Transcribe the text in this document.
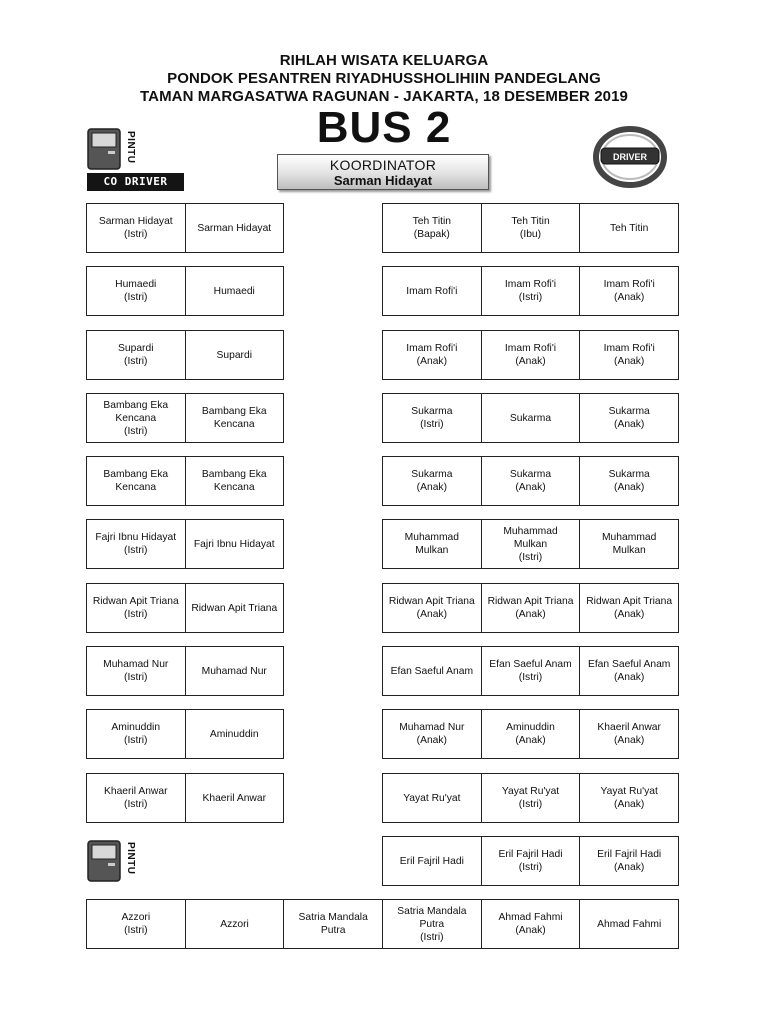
RIHLAH WISATA KELUARGA
PONDOK PESANTREN RIYADHUSSHOLIHIIN PANDEGLANG
TAMAN MARGASATWA RAGUNAN - JAKARTA, 18 DESEMBER 2019
BUS 2
KOORDINATOR
Sarman Hidayat
PINTU
CO DRIVER
DRIVER
PINTU
Sarman Hidayat
(Istri)
Sarman Hidayat
Humaedi
(Istri)
Humaedi
Supardi
(Istri)
Supardi
Bambang Eka
Kencana
(Istri)
Bambang Eka
Kencana
Bambang Eka
Kencana
Bambang Eka
Kencana
Fajri Ibnu Hidayat
(Istri)
Fajri Ibnu Hidayat
Ridwan Apit Triana
(Istri)
Ridwan Apit Triana
Muhamad Nur
(Istri)
Muhamad Nur
Aminuddin
(Istri)
Aminuddin
Khaeril Anwar
(Istri)
Khaeril Anwar
Teh Titin
(Bapak)
Teh Titin
(Ibu)
Teh Titin
Imam Rofi'i
Imam Rofi'i
(Istri)
Imam Rofi'i
(Anak)
Imam Rofi'i
(Anak)
Imam Rofi'i
(Anak)
Imam Rofi'i
(Anak)
Sukarma
(Istri)
Sukarma
Sukarma
(Anak)
Sukarma
(Anak)
Sukarma
(Anak)
Sukarma
(Anak)
Muhammad
Mulkan
Muhammad
Mulkan
(Istri)
Muhammad
Mulkan
Ridwan Apit Triana
(Anak)
Ridwan Apit Triana
(Anak)
Ridwan Apit Triana
(Anak)
Efan Saeful Anam
Efan Saeful Anam
(Istri)
Efan Saeful Anam
(Anak)
Muhamad Nur
(Anak)
Aminuddin
(Anak)
Khaeril Anwar
(Anak)
Yayat Ru'yat
Yayat Ru'yat
(Istri)
Yayat Ru'yat
(Anak)
Eril Fajril Hadi
Eril Fajril Hadi
(Istri)
Eril Fajril Hadi
(Anak)
Azzori
(Istri)
Azzori
Satria Mandala
Putra
Satria Mandala
Putra
(Istri)
Ahmad Fahmi
(Anak)
Ahmad Fahmi
